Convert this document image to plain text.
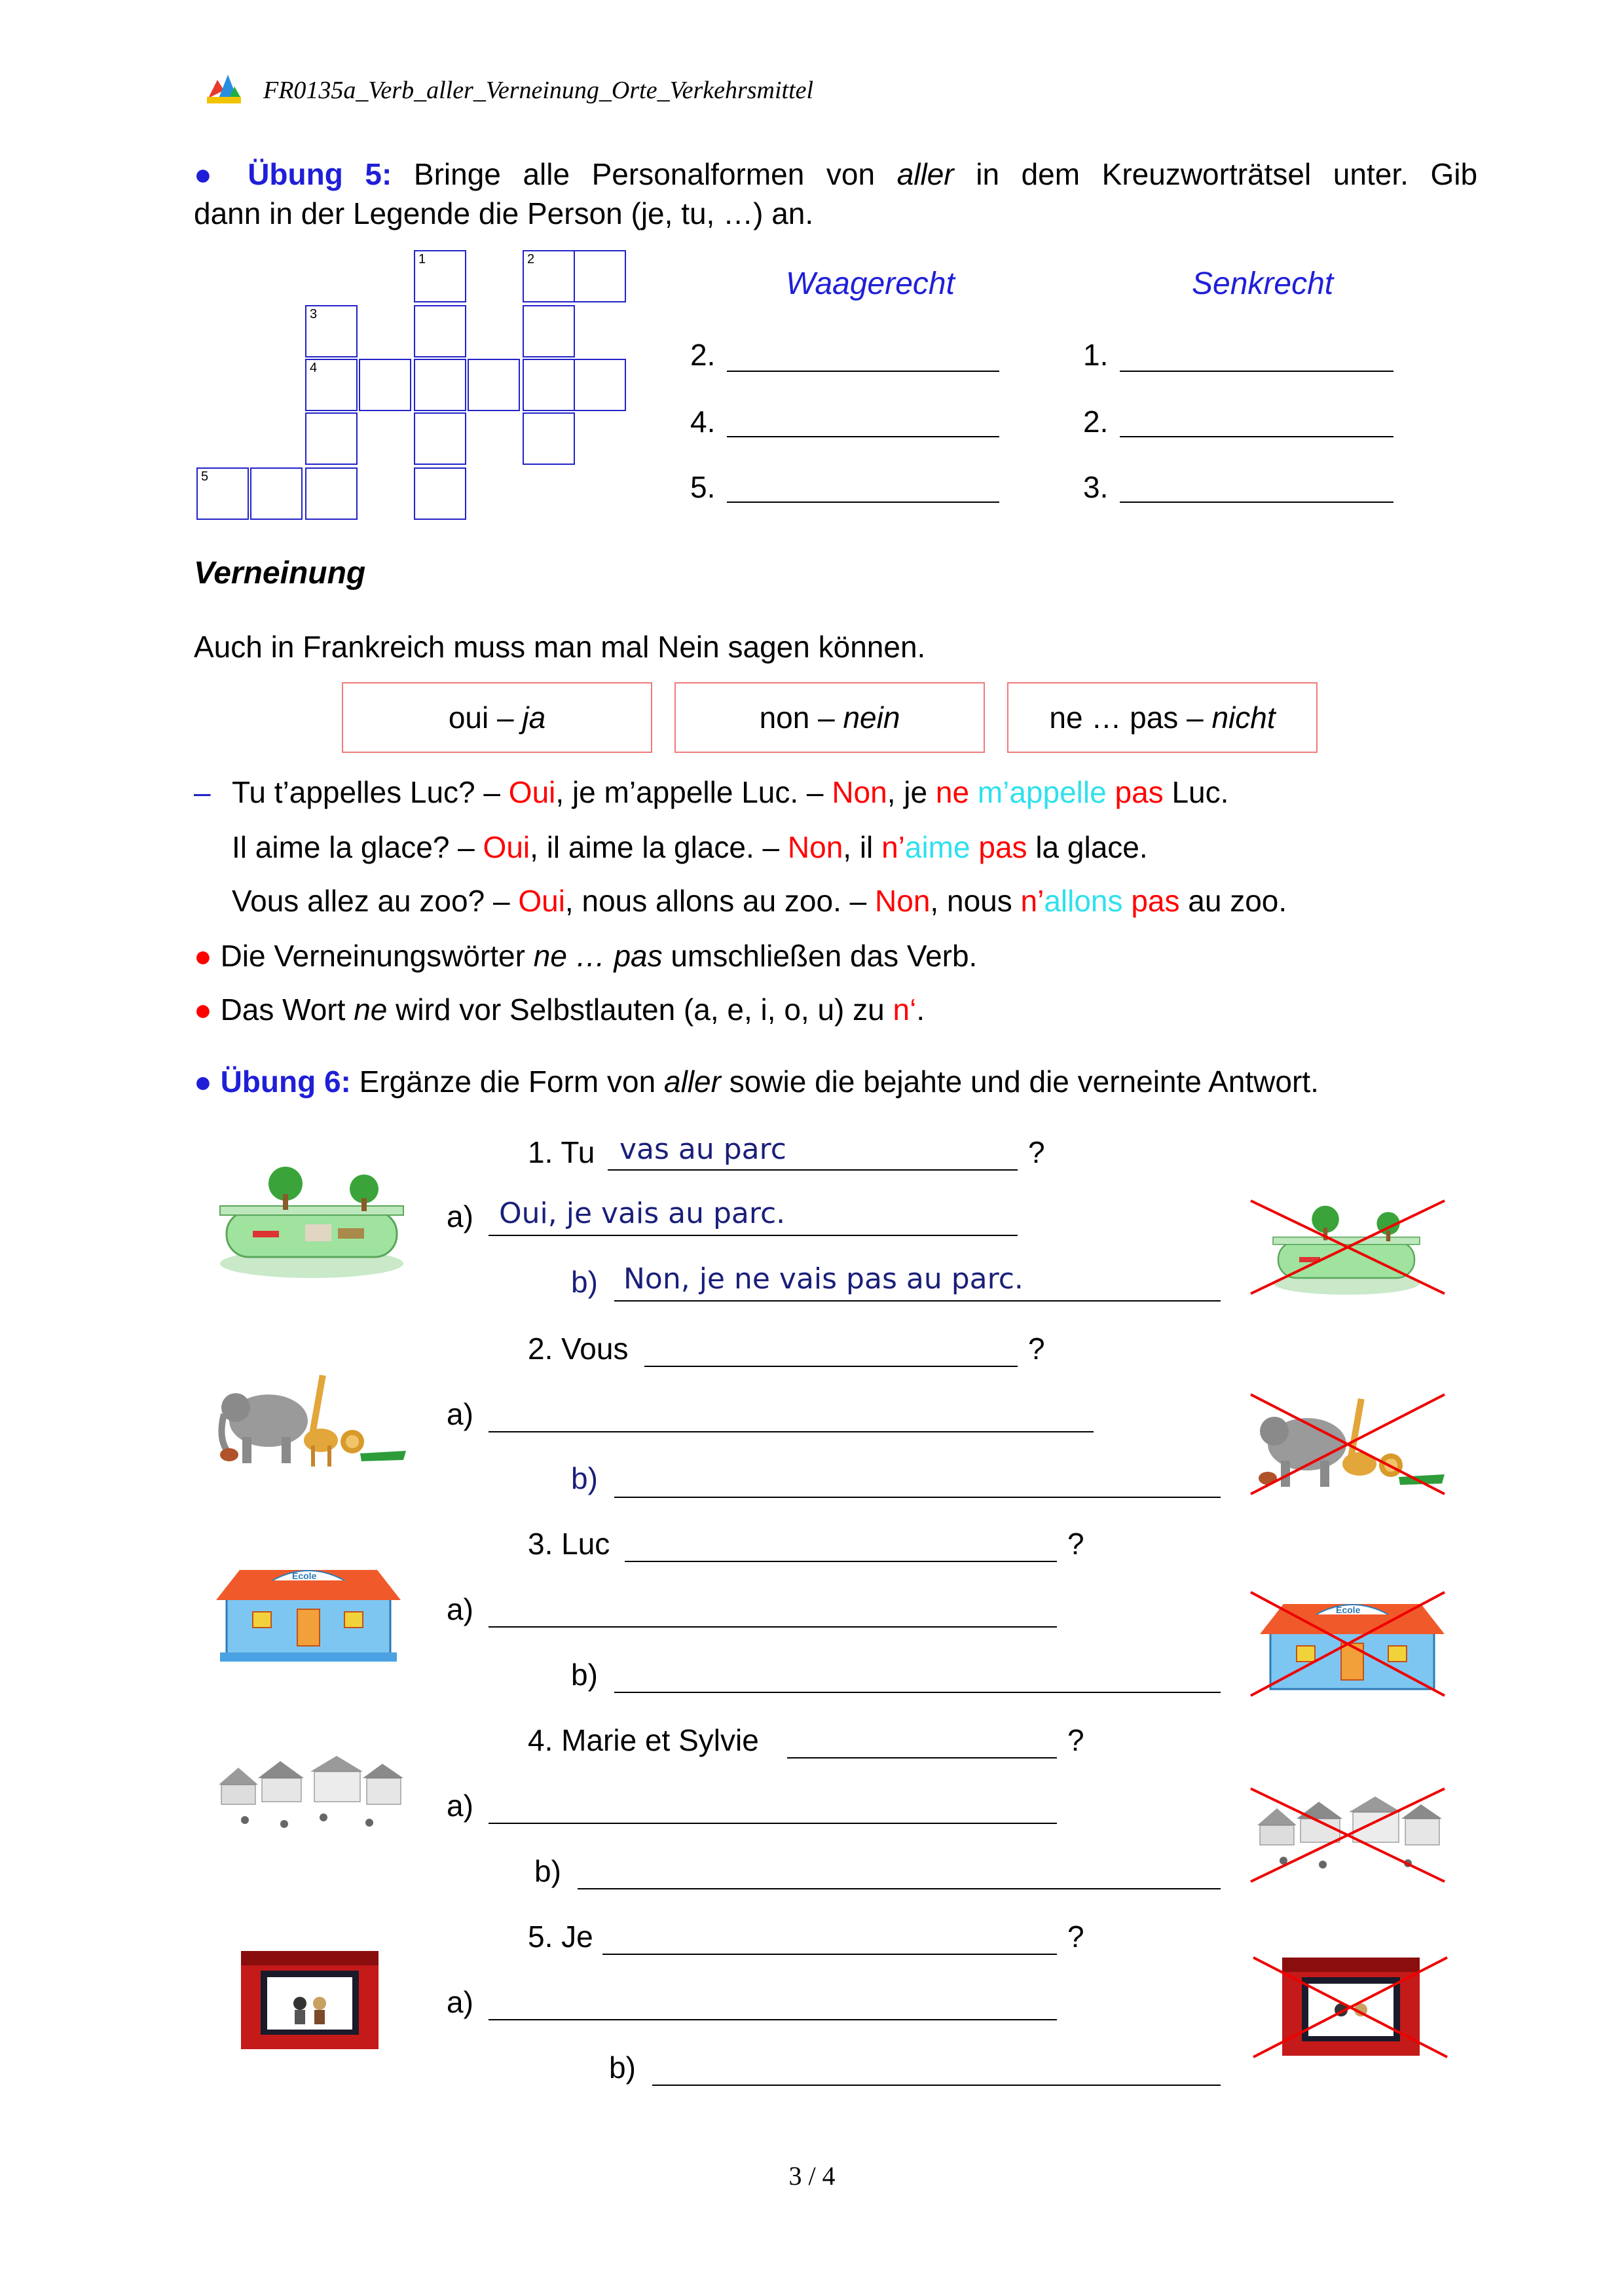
FR0135a_Verb_aller_Verneinung_Orte_Verkehrsmittel
● Übung 5: Bringe alle Personalformen von aller in dem Kreuzworträtsel unter. Gib
dann in der Legende die Person (je, tu, …) an.
1	2
3
4
5
Waagerecht	Senkrecht
2.
4.
5.
1.
2.
3.
Verneinung
Auch in Frankreich muss man mal Nein sagen können.
oui –
ja	non –
nein	ne … pas –
nicht
– Tu t’appelles Luc? – Oui, je m’appelle Luc. – Non, je ne m’appelle pas Luc.
Il aime la glace? – Oui, il aime la glace. – Non, il n’aime pas la glace.
Vous allez au zoo? – Oui, nous allons au zoo. – Non, nous n’allons pas au zoo.
● Die Verneinungswörter ne … pas umschließen das Verb.
● Das Wort ne wird vor Selbstlauten (a, e, i, o, u) zu n‘.
● Übung 6: Ergänze die Form von aller sowie die bejahte und die verneinte Antwort.
1. Tu vas au parc	?
a) Oui, je vais au parc.
b) Non, je ne vais pas au parc.
2. Vous	?
a)
b)
3. Luc	?
a)
b)
4. Marie et Sylvie	?
a)
b)
5. Je	?
a)
b)
Ecole
Ecole
3 / 4
